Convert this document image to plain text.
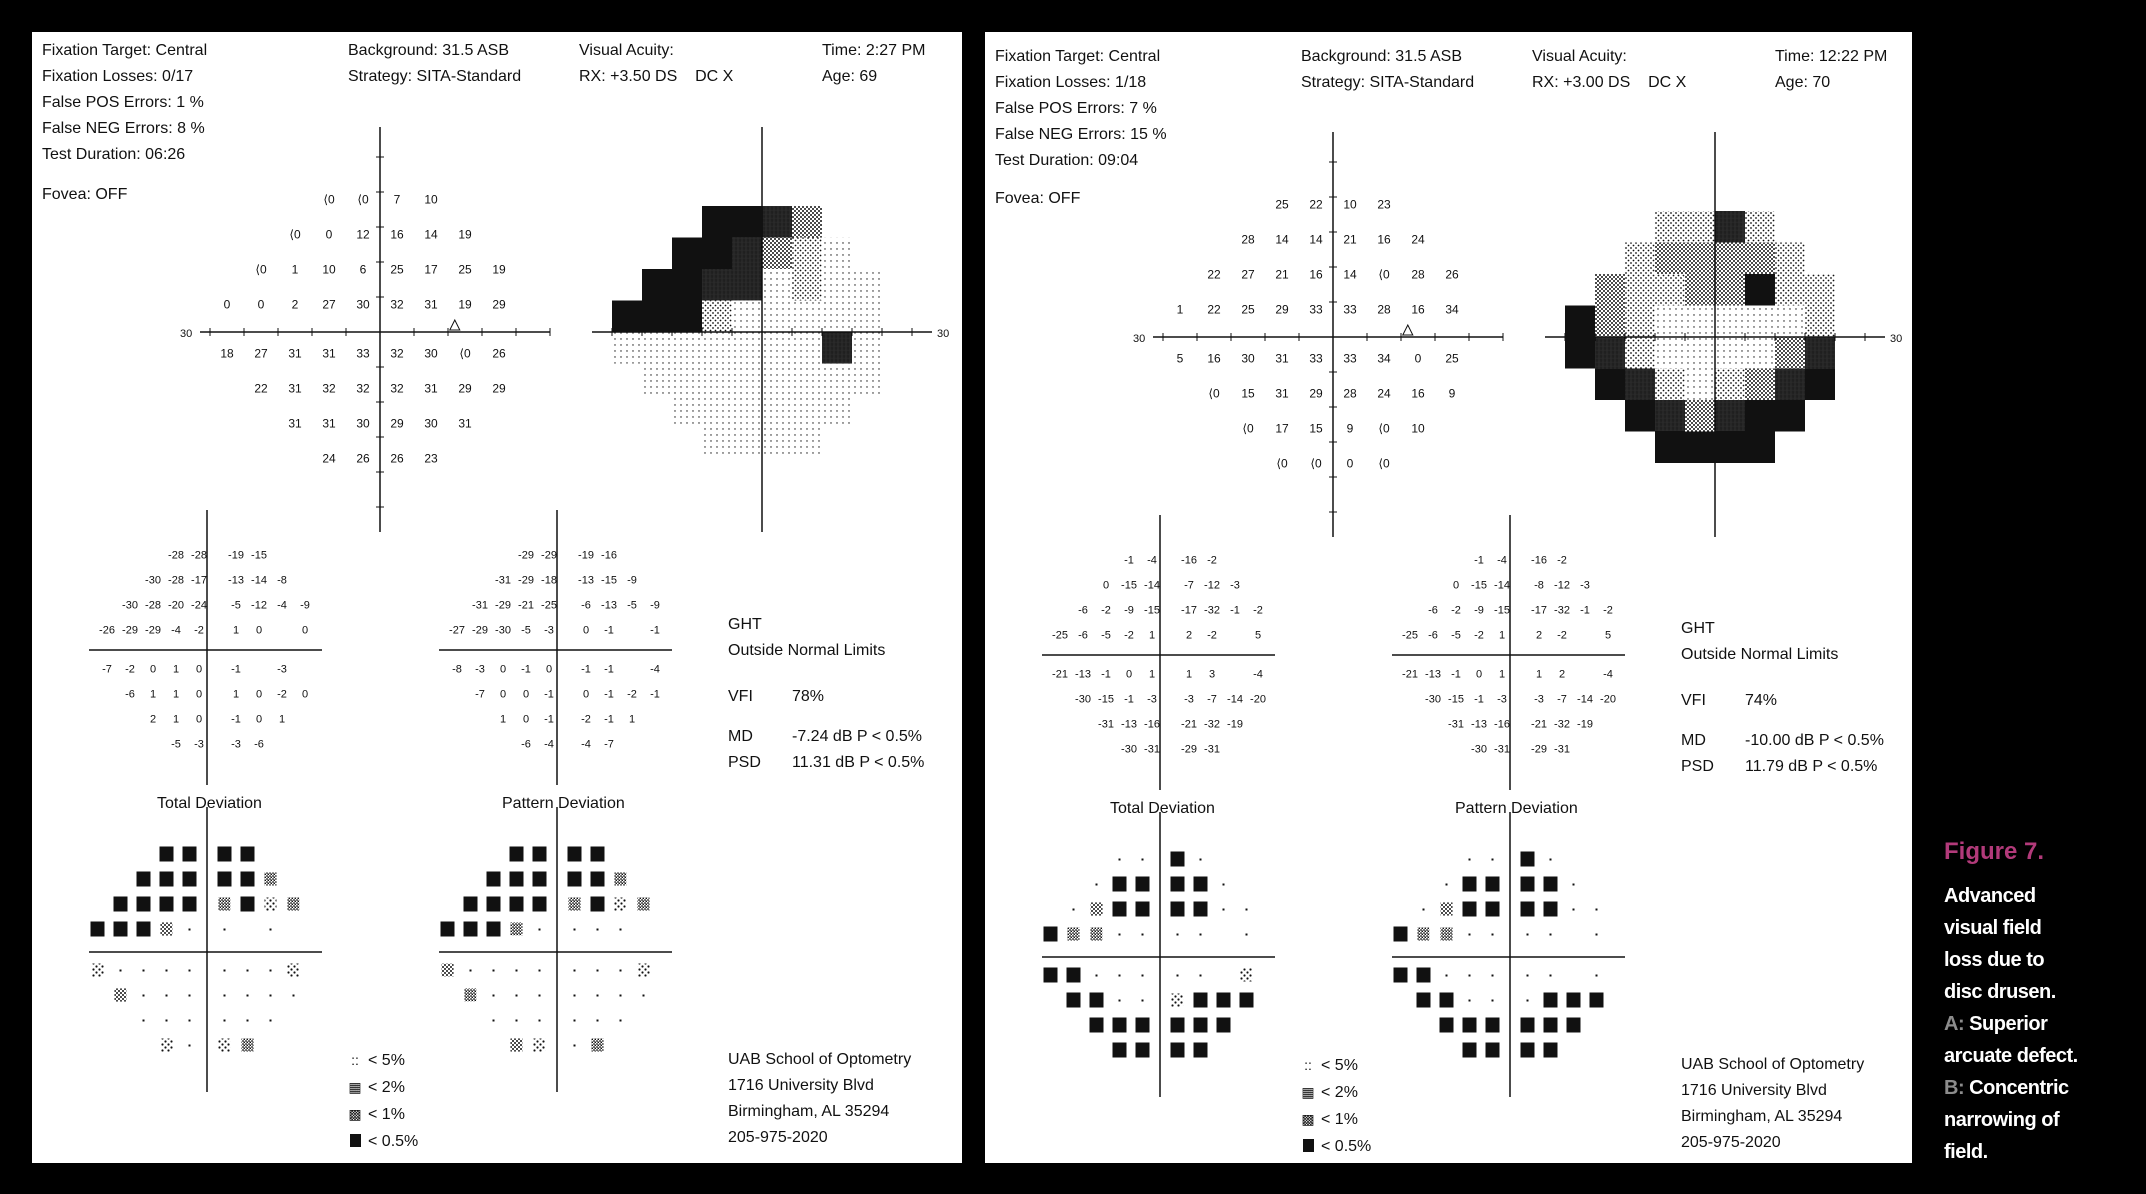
Fixation Target: Central
Fixation Losses: 0/17
False POS Errors: 1 %
False NEG Errors: 8 %
Test Duration: 06:26
Background: 31.5 ASB
Strategy: SITA-Standard
Visual Acuity:
RX: +3.50 DS DC X
Time: 2:27 PM
Age: 69
Fovea: OFF
30
⟨0 ⟨0 7 10
⟨0 0 12 16 14 19
⟨0 1 10 6 25 17 25 19
0 0 2 27 30 32 31 19 29
18 27 31 31 33 32 30 ⟨0 26
22 31 32 32 32 31 29 29
31 31 30 29 30 31
24 26 26 23
30
-28 -28 -19 -15
-30 -28 -17 -13 -14 -8
-30 -28 -20 -24 -5 -12 -4 -9
-26 -29 -29 -4 -2	1 0	0
-7 -2 0 1 0	-1	-3
-6 1 1 0	1 0 -2 0
2 1 0	-1 0 1
-5 -3 -3 -6
-29 -29 -19 -16
-31 -29 -18 -13 -15 -9
-31 -29 -21 -25 -6 -13 -5 -9
-27 -29 -30 -5 -3	0 -1	-1
-8 -3 0 -1 0	-1 -1	-4
-7 0 0 -1	0 -1 -2 -1
1 0 -1 -2 -1 1
-6 -4 -4 -7
Total Deviation	Pattern Deviation
GHT
Outside Normal Limits
VFI	78%
MD	-7.24 dB P < 0.5%
PSD	11.31 dB P < 0.5%
:: < 5%
▦ < 2%
▩ < 1%
< 0.5%
UAB School of Optometry
1716 University Blvd
Birmingham, AL 35294
205-975-2020
Fixation Target: Central
Fixation Losses: 1/18
False POS Errors: 7 %
False NEG Errors: 15 %
Test Duration: 09:04
Background: 31.5 ASB
Strategy: SITA-Standard
Visual Acuity:
RX: +3.00 DS DC X
Time: 12:22 PM
Age: 70
Fovea: OFF
30
25 22 10 23
28 14 14 21 16 24
22 27 21 16 14 ⟨0 28 26
1 22 25 29 33 33 28 16 34
5 16 30 31 33 33 34 0 25
⟨0 15 31 29 28 24 16 9
⟨0 17 15 9 ⟨0 10
⟨0 ⟨0 0 ⟨0
30
-1 -4 -16 -2
0 -15 -14 -7 -12 -3
-6 -2 -9 -15 -17 -32 -1 -2
-25 -6 -5 -2 1	2 -2	5
-21 -13 -1 0 1	1 3	-4
-30 -15 -1 -3 -3 -7 -14 -20
-31 -13 -16 -21 -32 -19
-30 -31 -29 -31
-1 -4 -16 -2
0 -15 -14 -8 -12 -3
-6 -2 -9 -15 -17 -32 -1 -2
-25 -6 -5 -2 1	2 -2	5
-21 -13 -1 0 1	1 2	-4
-30 -15 -1 -3 -3 -7 -14 -20
-31 -13 -16 -21 -32 -19
-30 -31 -29 -31
Total Deviation	Pattern Deviation
GHT
Outside Normal Limits
VFI	74%
MD	-10.00 dB P < 0.5%
PSD	11.79 dB P < 0.5%
:: < 5%
▦ < 2%
▩ < 1%
< 0.5%
UAB School of Optometry
1716 University Blvd
Birmingham, AL 35294
205-975-2020
Figure 7.
Advanced
visual field
loss due to
disc drusen.
A: Superior
arcuate defect.
B: Concentric
narrowing of
field.
